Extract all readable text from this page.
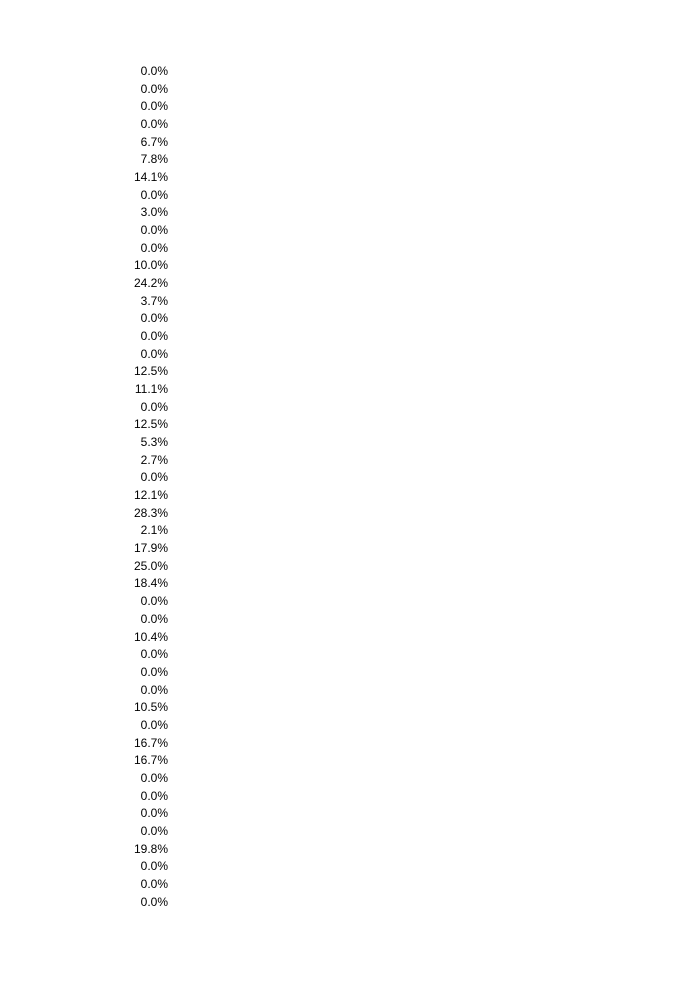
0.0%
0.0%
0.0%
0.0%
6.7%
7.8%
14.1%
0.0%
3.0%
0.0%
0.0%
10.0%
24.2%
3.7%
0.0%
0.0%
0.0%
12.5%
11.1%
0.0%
12.5%
5.3%
2.7%
0.0%
12.1%
28.3%
2.1%
17.9%
25.0%
18.4%
0.0%
0.0%
10.4%
0.0%
0.0%
0.0%
10.5%
0.0%
16.7%
16.7%
0.0%
0.0%
0.0%
0.0%
19.8%
0.0%
0.0%
0.0%
